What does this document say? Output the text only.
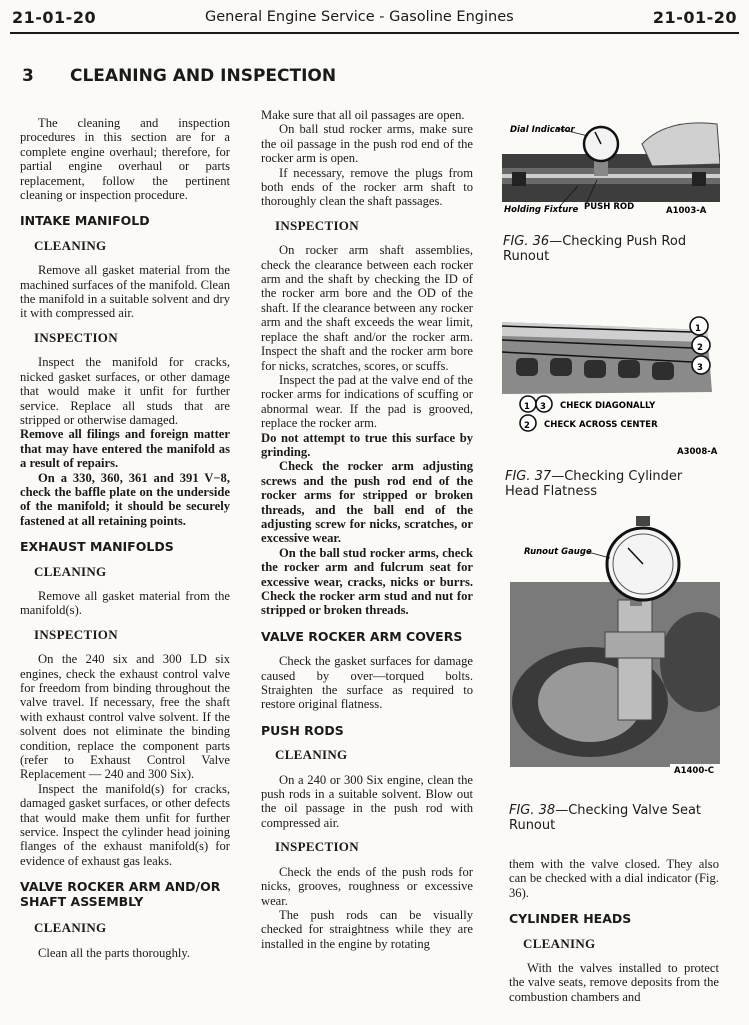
21-01-20	General Engine Service - Gasoline Engines	21-01-20
3 CLEANING AND INSPECTION

The cleaning and inspection procedures in this section are for a complete engine overhaul; therefore, for partial engine overhaul or parts replacement, follow the pertinent cleaning or inspection procedure.

INTAKE MANIFOLD
CLEANING

Remove all gasket material from the machined surfaces of the manifold. Clean the manifold in a suitable solvent and dry it with compressed air.

INSPECTION

Inspect the manifold for cracks, nicked gasket surfaces, or other damage that would make it unfit for further service. Replace all studs that are stripped or otherwise damaged.

Remove all filings and foreign matter that may have entered the manifold as a result of repairs.

On a 330, 360, 361 and 391 V−8, check the baffle plate on the underside of the manifold; it should be securely fastened at all retaining points.

EXHAUST MANIFOLDS
CLEANING

Remove all gasket material from the manifold(s).

INSPECTION

On the 240 six and 300 LD six engines, check the exhaust control valve for freedom from binding throughout the valve travel. If necessary, free the shaft with exhaust control valve solvent. If the solvent does not eliminate the binding condition, replace the component parts (refer to Exhaust Control Valve Replacement — 240 and 300 Six).

Inspect the manifold(s) for cracks, damaged gasket surfaces, or other defects that would make them unfit for further service. Inspect the cylinder head joining flanges of the exhaust manifold(s) for evidence of exhaust gas leaks.

VALVE ROCKER ARM AND/OR SHAFT ASSEMBLY
CLEANING

Clean all the parts thoroughly.

Make sure that all oil passages are open.

On ball stud rocker arms, make sure the oil passage in the push rod end of the rocker arm is open.

If necessary, remove the plugs from both ends of the rocker arm shaft to thoroughly clean the shaft passages.

INSPECTION

On rocker arm shaft assemblies, check the clearance between each rocker arm and the shaft by checking the ID of the rocker arm bore and the OD of the shaft. If the clearance between any rocker arm and the shaft exceeds the wear limit, replace the shaft and/or the rocker arm. Inspect the shaft and the rocker arm bore for nicks, scratches, scores, or scuffs.

Inspect the pad at the valve end of the rocker arms for indications of scuffing or abnormal wear. If the pad is grooved, replace the rocker arm.

Do not attempt to true this surface by grinding.

Check the rocker arm adjusting screws and the push rod end of the rocker arms for stripped or broken threads, and the ball end of the adjusting screw for nicks, scratches, or excessive wear.

On the ball stud rocker arms, check the rocker arm and fulcrum seat for excessive wear, cracks, nicks or burrs. Check the rocker arm stud and nut for stripped or broken threads.

VALVE ROCKER ARM COVERS

Check the gasket surfaces for damage caused by over—torqued bolts. Straighten the surface as required to restore original flatness.

PUSH RODS
CLEANING

On a 240 or 300 Six engine, clean the push rods in a suitable solvent. Blow out the oil passage in the push rod with compressed air.

INSPECTION

Check the ends of the push rods for nicks, grooves, roughness or excessive wear.

The push rods can be visually checked for straightness while they are installed in the engine by rotating

Dial Indicator
Holding Fixture PUSH ROD	A1003-A
FIG. 36—Checking Push Rod Runout
1
2
3
1 3 CHECK DIAGONALLY
2 CHECK ACROSS CENTER
A3008-A
FIG. 37—Checking Cylinder Head Flatness
Runout Gauge
A1400-C
FIG. 38—Checking Valve Seat Runout

them with the valve closed. They also can be checked with a dial indicator (Fig. 36).

CYLINDER HEADS
CLEANING

With the valves installed to protect the valve seats, remove deposits from the combustion chambers and
